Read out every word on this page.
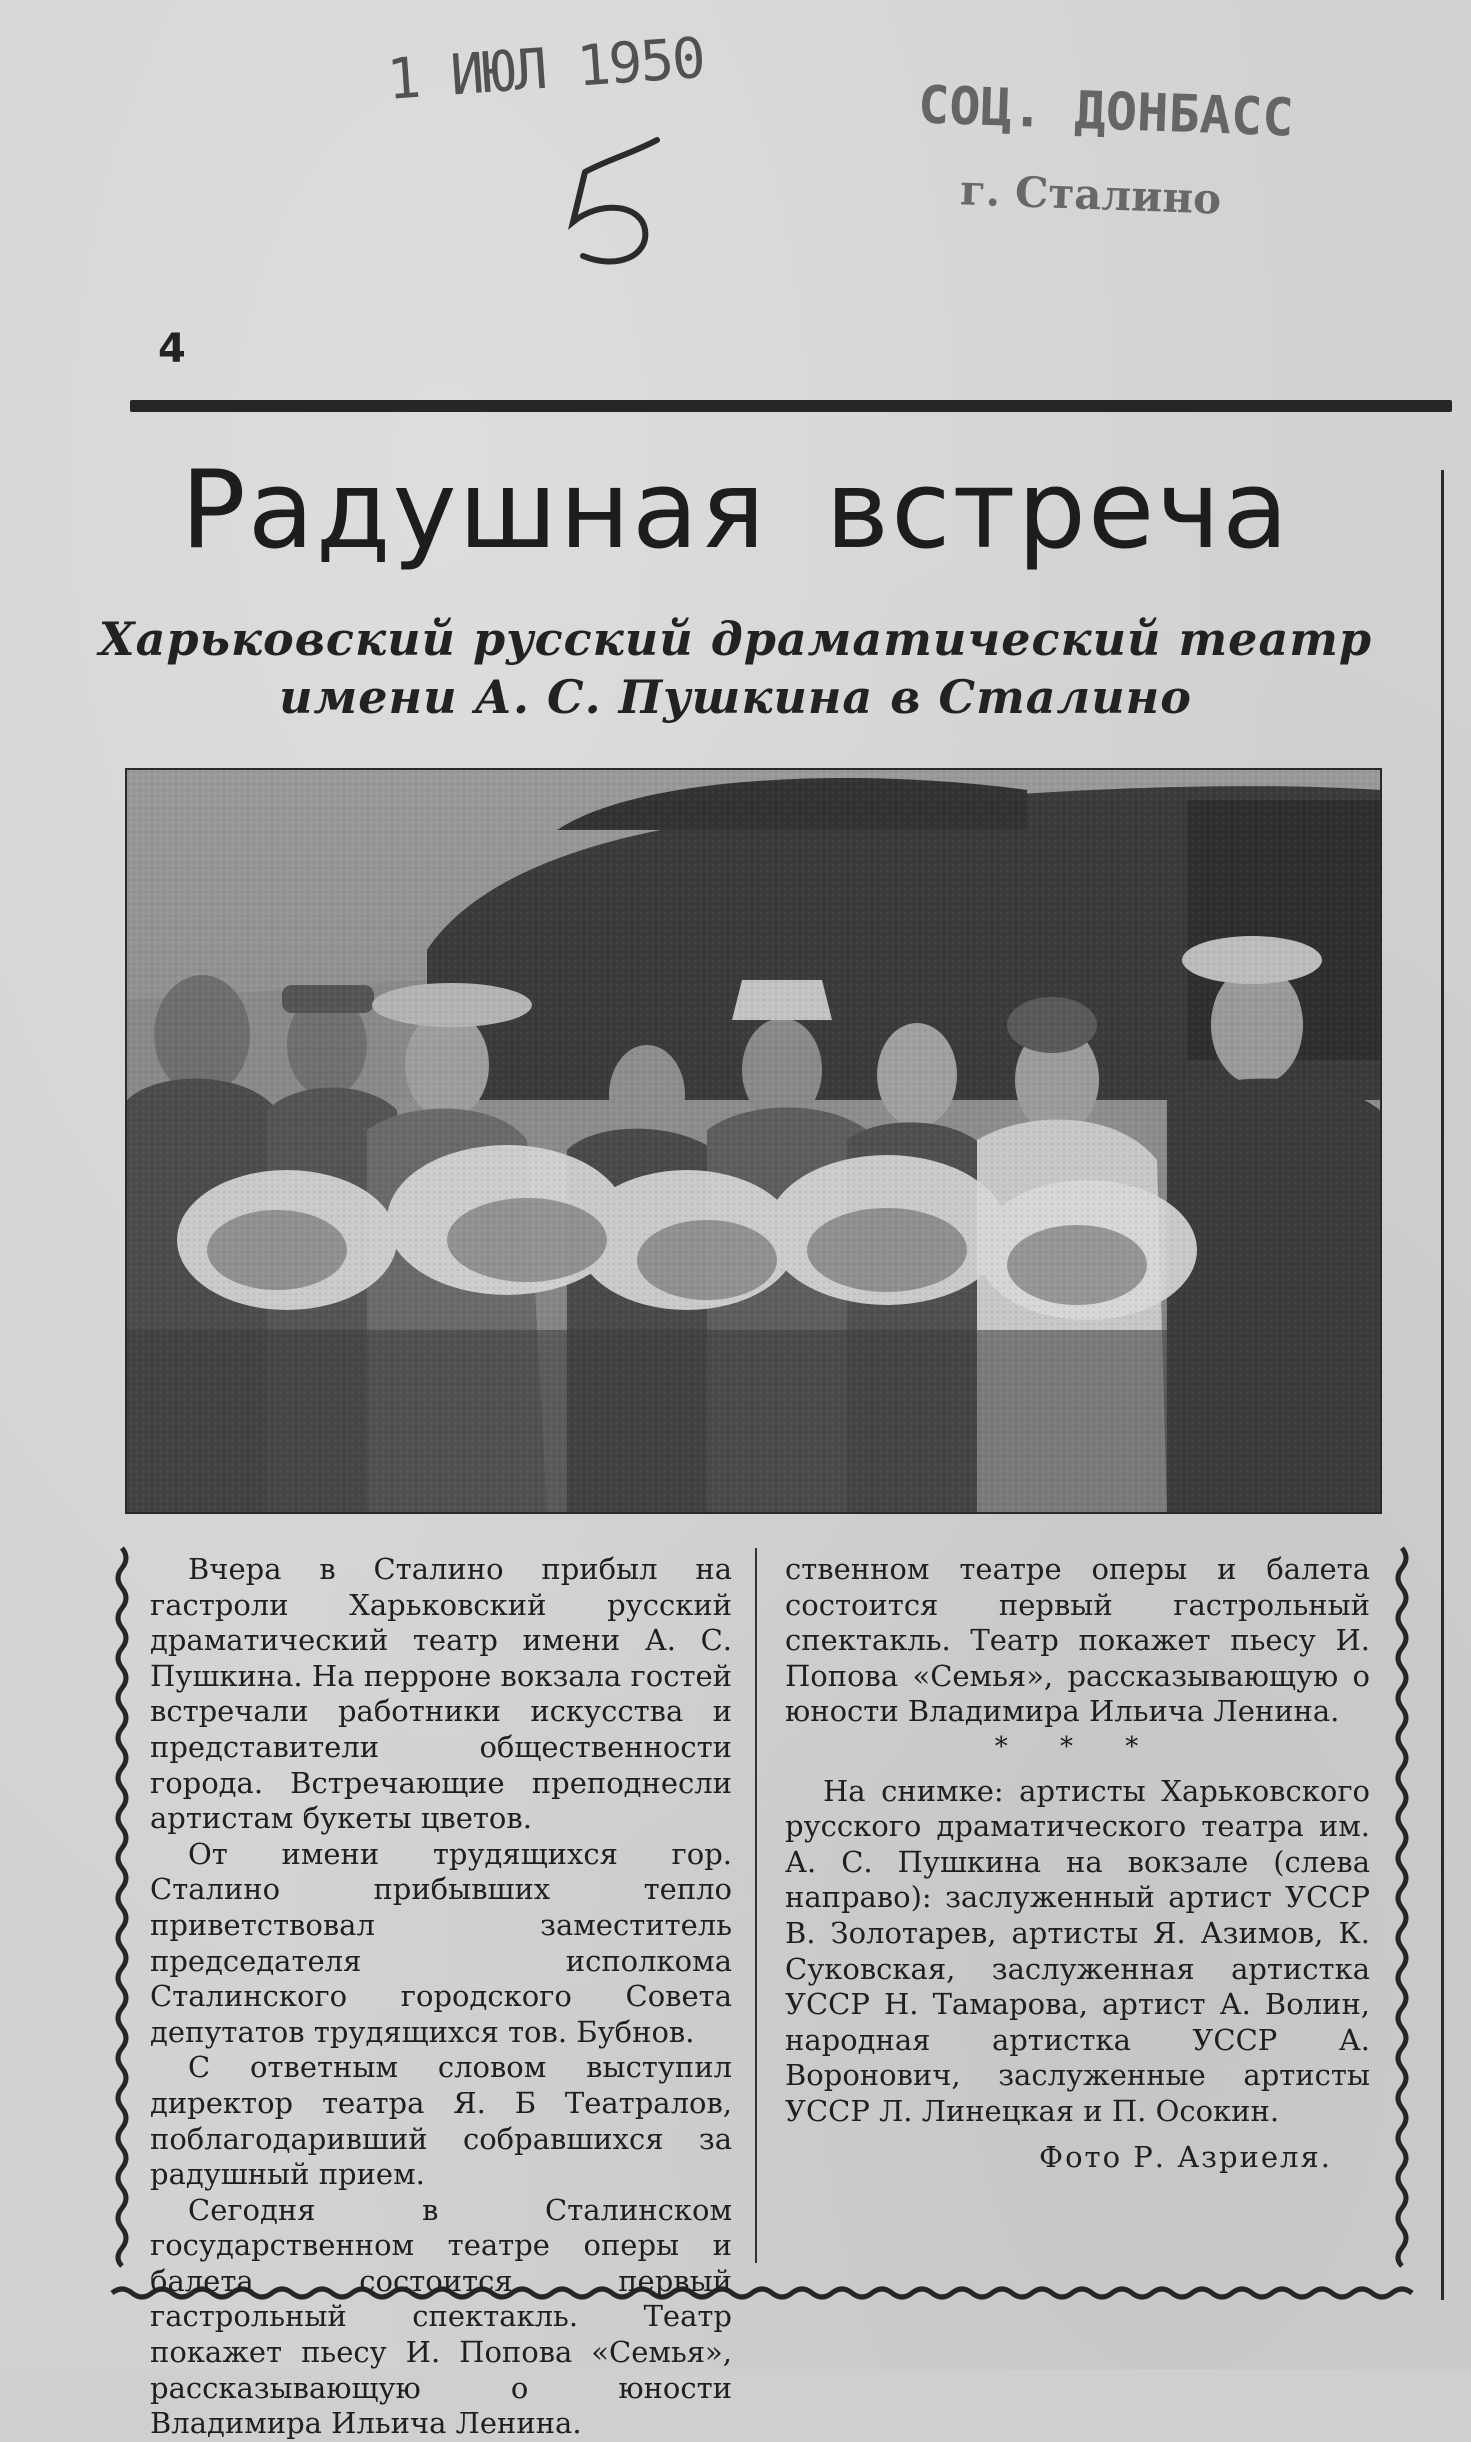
1 ИЮЛ 1950	СОЦ. ДОНБАСС
г. Сталино
4
Радушная встреча
Харьковский русский драматический театр
имени А. С. Пушкина в Сталино

Вчера в Сталино прибыл на гастроли Харьковский русский драматический театр имени А. С. Пушкина. На перроне вокзала гостей встречали работники искусства и представители общественности города. Встречающие преподнесли артистам букеты цветов.

От имени трудящихся гор. Сталино прибывших тепло приветствовал заместитель председателя исполкома Сталинского городского Совета депутатов трудящихся тов. Бубнов.

С ответным словом выступил директор театра Я. Б Театралов, поблагодаривший собравшихся за радушный прием.

Сегодня в Сталинском государственном театре оперы и балета состоится первый гастрольный спектакль. Театр покажет пьесу И. Попова «Семья», рассказывающую о юности Владимира Ильича Ленина.

ственном театре оперы и балета состоится первый гастрольный спектакль. Театр покажет пьесу И. Попова «Семья», рассказывающую о юности Владимира Ильича Ленина.

* * *

На снимке: артисты Харьковского русского драматического театра им. А. С. Пушкина на вокзале (слева направо): заслуженный артист УССР В. Золотарев, артисты Я. Азимов, К. Суковская, заслуженная артистка УССР Н. Тамарова, артист А. Волин, народная артистка УССР А. Воронович, заслуженные артисты УССР Л. Линецкая и П. Осокин.

Фото Р. Азриеля.
